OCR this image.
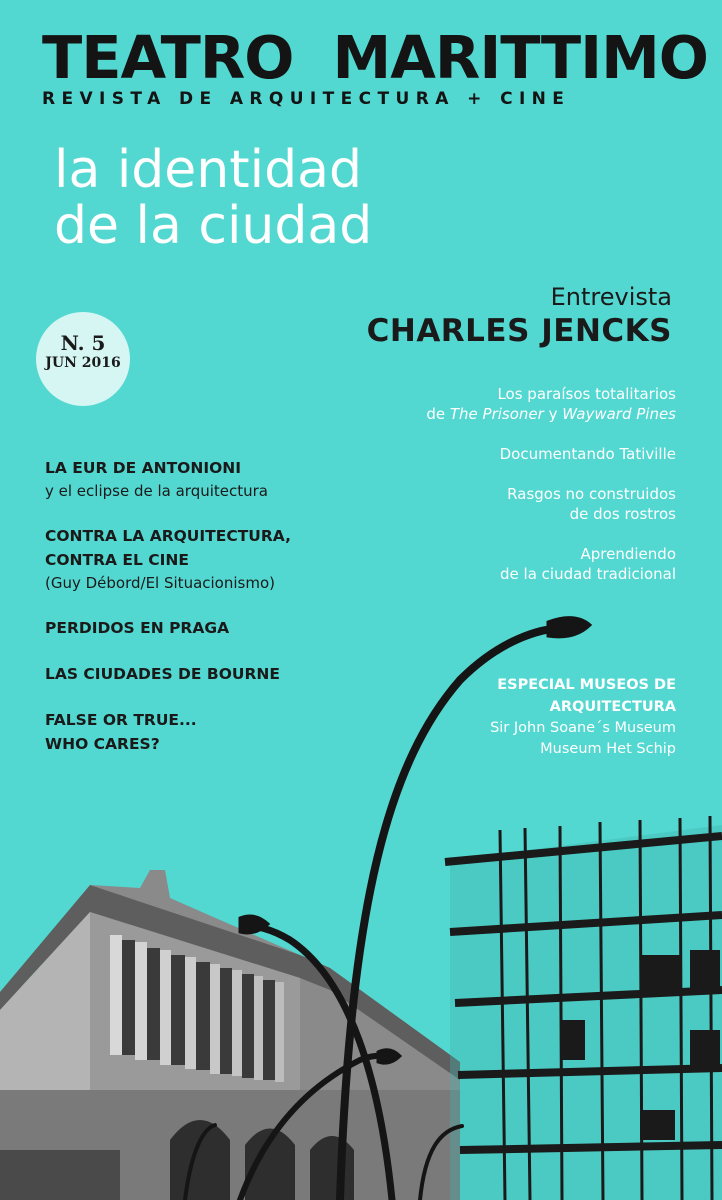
TEATRO  MARITTIMO
REVISTA DE ARQUITECTURA + CINE
la identidad
de la ciudad
Entrevista
CHARLES JENCKS
N. 5
JUN 2016
Los paraísos totalitarios
de The Prisoner y Wayward Pines
Documentando Tativille
Rasgos no construidos
de dos rostros
Aprendiendo
de la ciudad tradicional
LA EUR DE ANTONIONI
y el eclipse de la arquitectura
CONTRA LA ARQUITECTURA,
CONTRA EL CINE
(Guy Débord/El Situacionismo)
PERDIDOS EN PRAGA
LAS CIUDADES DE BOURNE
FALSE OR TRUE...
WHO CARES?
ESPECIAL MUSEOS DE
ARQUITECTURA
Sir John Soane´s Museum
Museum Het Schip
